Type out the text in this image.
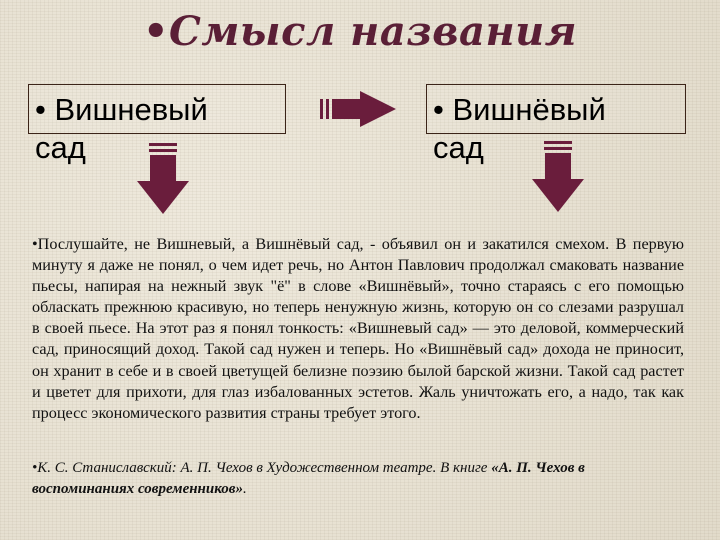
•Смысл названия
• Вишневый
сад
• Вишнёвый
сад
•Послушайте, не Вишневый, а Вишнёвый сад, - объявил он и закатился смехом. В первую минуту я даже не понял, о чем идет речь, но Антон Павлович продолжал смаковать название пьесы, напирая на нежный звук "ё" в слове «Вишнёвый», точно стараясь с его помощью обласкать прежнюю красивую, но теперь ненужную жизнь, которую он со слезами разрушал в своей пьесе. На этот раз я понял тонкость: «Вишневый сад» — это деловой, коммерческий сад, приносящий доход. Такой сад нужен и теперь. Но «Вишнёвый сад» дохода не приносит, он хранит в себе и в своей цветущей белизне поэзию былой барской жизни. Такой сад растет и цветет для прихоти, для глаз избалованных эстетов. Жаль уничтожать его, а надо, так как процесс экономического развития страны требует этого.
•К. С. Станиславский: А. П. Чехов в Художественном театре. В книге «А. П. Чехов в воспоминаниях современников».
